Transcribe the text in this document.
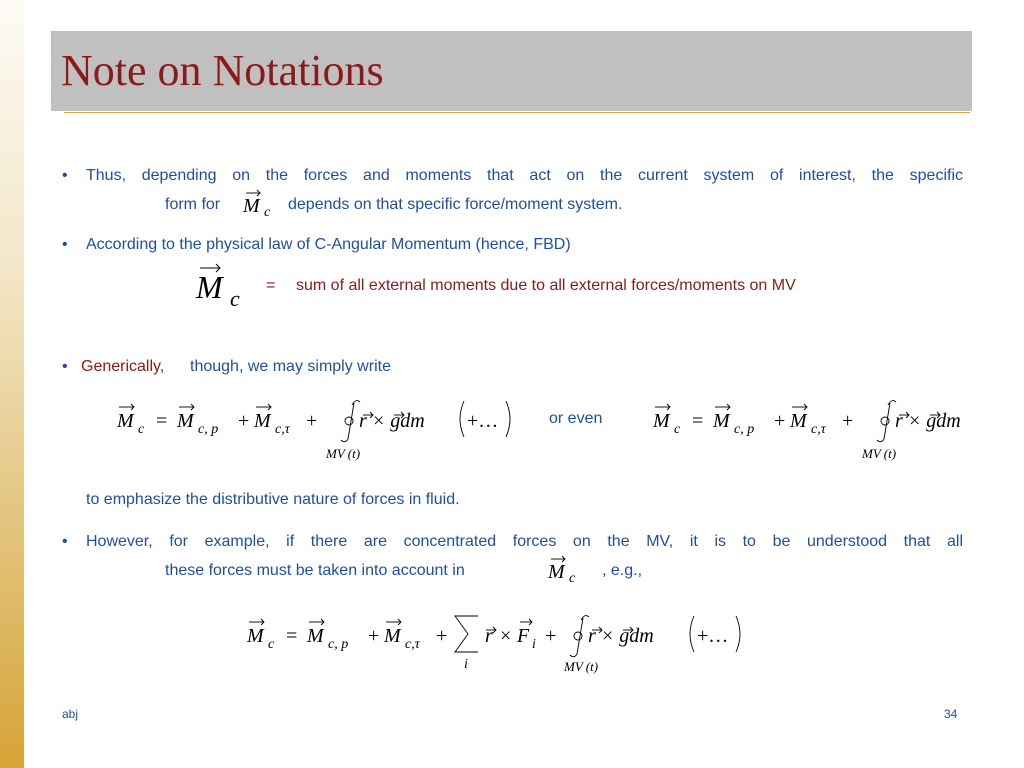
Note on Notations
• Thus, depending on the forces and moments that act on the current system of interest, the specific
form for M c depends on that specific force/moment system.
• According to the physical law of C-Angular Momentum (hence, FBD)
M c
= sum of all external moments due to all external forces/moments on MV
• Generically, though, we may simply write
M c = M c, p + M c,τ + r × gdm +…
MV (t)
or even	M c = M c, p + M c,τ + r × gdm
MV (t)
to emphasize the distributive nature of forces in fluid.
• However, for example, if there are concentrated forces on the MV, it is to be understood that all
these forces must be taken into account in	M c , e.g.,
M c = M c, p + M c,τ + r × F i +
i
r × gdm +…
MV (t)
abj	34
